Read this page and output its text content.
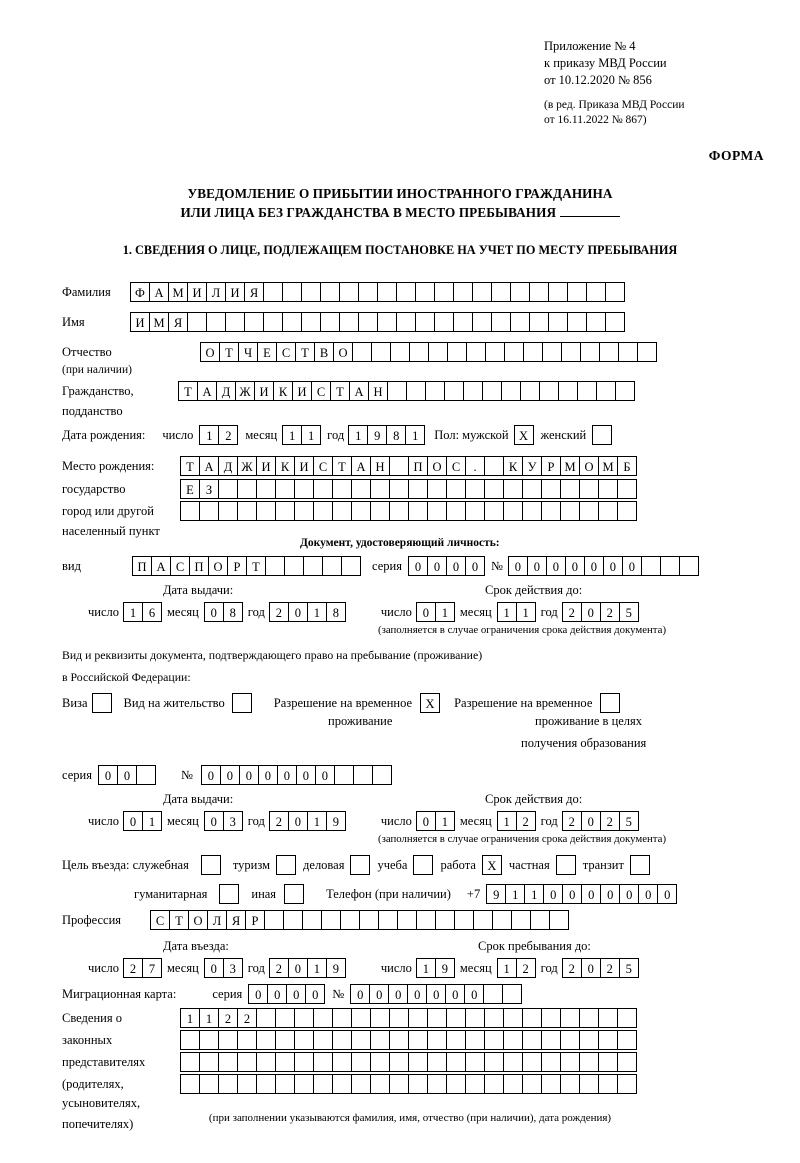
Приложение № 4
к приказу МВД России
от 10.12.2020 № 856
(в ред. Приказа МВД России
от 16.11.2022 № 867)
ФОРМА
УВЕДОМЛЕНИЕ О ПРИБЫТИИ ИНОСТРАННОГО ГРАЖДАНИНА
ИЛИ ЛИЦА БЕЗ ГРАЖДАНСТВА В МЕСТО ПРЕБЫВАНИЯ
1. СВЕДЕНИЯ О ЛИЦЕ, ПОДЛЕЖАЩЕМ ПОСТАНОВКЕ НА УЧЕТ ПО МЕСТУ ПРЕБЫВАНИЯ
Фамилия	Ф А М И Л И Я
Имя	И М Я
Отчество	О Т Ч Е С Т В О
(при наличии)
Гражданство,	Т А Д Ж И К И С Т А Н
подданство
Дата рождения: число	1	2	месяц 1	1	год 1	9	8	1	Пол: мужской X женский
Место рождения:	Т А Д Ж И К И С Т А Н	П О С	.	К У Р М О М Б
государство	Е З
город или другой
населенный пункт
Документ, удостоверяющий личность:
вид	П А С П О Р Т	серия	0	0	0	0	№ 0	0	0	0	0	0	0
Дата выдачи:	Срок действия до:
число 1	6 месяц 0	8 год 2	0	1	8	число 0	1 месяц 1	1 год 2	0	2	5
(заполняется в случае ограничения срока действия документа)
Вид и реквизиты документа, подтверждающего право на пребывание (проживание)
в Российской Федерации:
Виза	Вид на жительство	Разрешение на временное	X	Разрешение на временное
проживание	проживание в целях
получения образования
серия	0	0	№	0	0	0	0	0	0	0
Дата выдачи:	Срок действия до:
число 0	1 месяц 0	3 год 2	0	1	9	число 0	1 месяц 1	2 год 2	0	2	5
(заполняется в случае ограничения срока действия документа)
Цель въезда: служебная	туризм	деловая	учеба	работа X частная	транзит
гуманитарная	иная	Телефон (при наличии) +7	9	1	1	0	0	0	0	0	0	0
Профессия	С Т О Л Я Р
Дата въезда:	Срок пребывания до:
число 2	7 месяц 0	3 год 2	0	1	9	число 1	9 месяц 1	2 год 2	0	2	5
Миграционная карта:	серия	0	0	0	0	№	0	0	0	0	0	0	0
Сведения о	1	1	2	2
законных
представителях
(родителях,
усыновителях,
попечителях)	(при заполнении указываются фамилия, имя, отчество (при наличии), дата рождения)
